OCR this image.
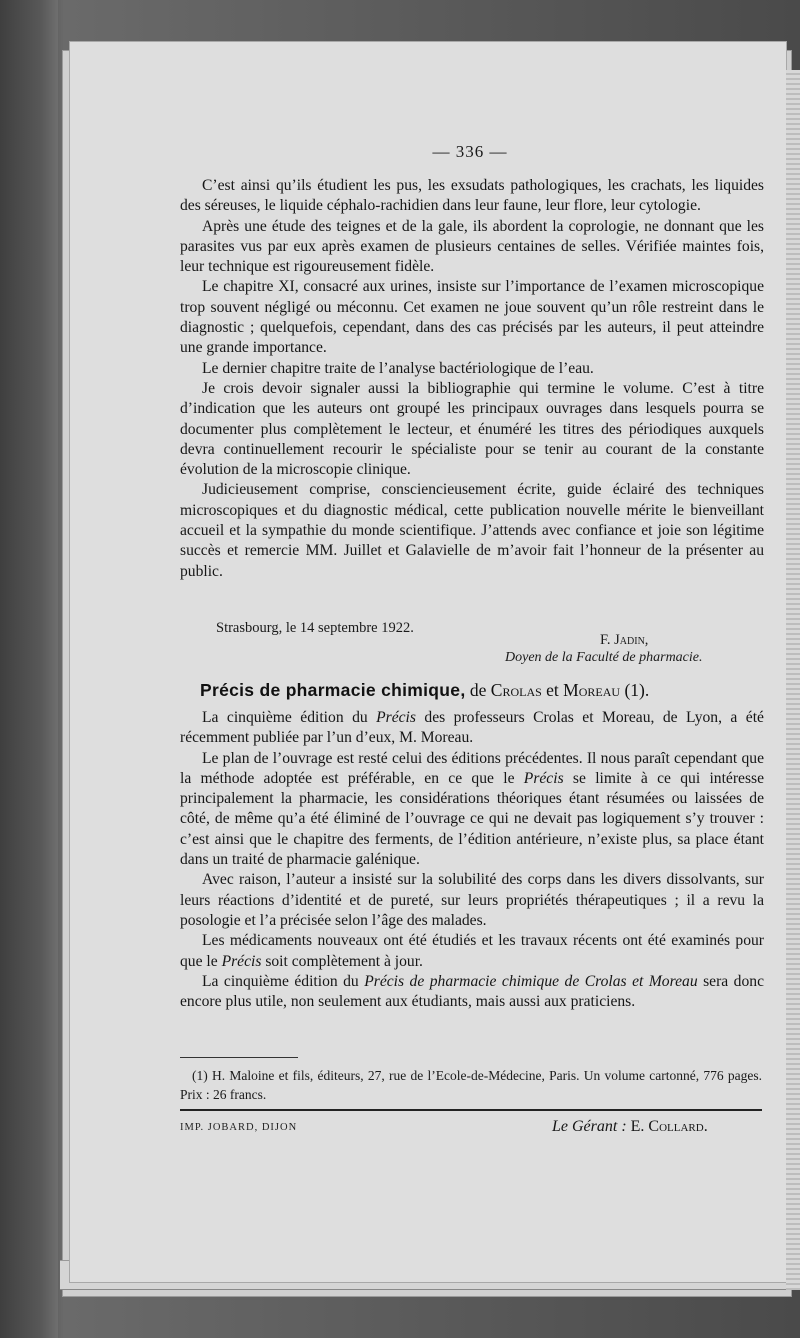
— 336 —

C’est ainsi qu’ils étudient les pus, les exsudats pathologiques, les crachats, les liquides des séreuses, le liquide céphalo-rachidien dans leur faune, leur flore, leur cytologie.

Après une étude des teignes et de la gale, ils abordent la coprologie, ne donnant que les parasites vus par eux après examen de plusieurs centaines de selles. Vérifiée maintes fois, leur technique est rigoureusement fidèle.

Le chapitre XI, consacré aux urines, insiste sur l’importance de l’examen microscopique trop souvent négligé ou méconnu. Cet examen ne joue souvent qu’un rôle restreint dans le diagnostic ; quelquefois, cependant, dans des cas précisés par les auteurs, il peut atteindre une grande importance.

Le dernier chapitre traite de l’analyse bactériologique de l’eau.

Je crois devoir signaler aussi la bibliographie qui termine le volume. C’est à titre d’indication que les auteurs ont groupé les principaux ouvrages dans lesquels pourra se documenter plus complètement le lecteur, et énuméré les titres des périodiques auxquels devra continuellement recourir le spécialiste pour se tenir au courant de la constante évolution de la microscopie clinique.

Judicieusement comprise, consciencieusement écrite, guide éclairé des techniques microscopiques et du diagnostic médical, cette publication nouvelle mérite le bienveillant accueil et la sympathie du monde scientifique. J’attends avec confiance et joie son légitime succès et remercie MM. Juillet et Galavielle de m’avoir fait l’honneur de la présenter au public.

Strasbourg, le 14 septembre 1922.
F. Jadin,
Doyen de la Faculté de pharmacie.
Précis de pharmacie chimique, de Crolas et Moreau (1).

La cinquième édition du Précis des professeurs Crolas et Moreau, de Lyon, a été récemment publiée par l’un d’eux, M. Moreau.

Le plan de l’ouvrage est resté celui des éditions précédentes. Il nous paraît cependant que la méthode adoptée est préférable, en ce que le Précis se limite à ce qui intéresse principalement la pharmacie, les considérations théoriques étant résumées ou laissées de côté, de même qu’a été éliminé de l’ouvrage ce qui ne devait pas logiquement s’y trouver : c’est ainsi que le chapitre des ferments, de l’édition antérieure, n’existe plus, sa place étant dans un traité de pharmacie galénique.

Avec raison, l’auteur a insisté sur la solubilité des corps dans les divers dissolvants, sur leurs réactions d’identité et de pureté, sur leurs propriétés thérapeutiques ; il a revu la posologie et l’a précisée selon l’âge des malades.

Les médicaments nouveaux ont été étudiés et les travaux récents ont été examinés pour que le Précis soit complètement à jour.

La cinquième édition du Précis de pharmacie chimique de Crolas et Moreau sera donc encore plus utile, non seulement aux étudiants, mais aussi aux praticiens.

(1) H. Maloine et fils, éditeurs, 27, rue de l’Ecole-de-Médecine, Paris. Un volume cartonné, 776 pages. Prix : 26 francs.

IMP. JOBARD, DIJON	Le Gérant : E. Collard.
